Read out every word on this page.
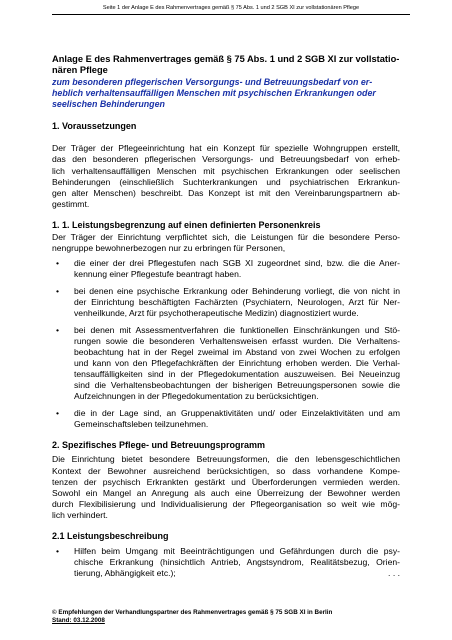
Seite 1 der Anlage E des Rahmenvertrages gemäß § 75 Abs. 1 und 2 SGB XI zur vollstationären Pflege
Anlage E des Rahmenvertrages gemäß § 75 Abs. 1 und 2 SGB XI zur vollstatio-
nären Pflege
zum besonderen pflegerischen Versorgungs- und Betreuungsbedarf von er-
heblich verhaltensauffälligen Menschen mit psychischen Erkrankungen oder
seelischen Behinderungen
1. Voraussetzungen
Der Träger der Pflegeeinrichtung hat ein Konzept für spezielle Wohngruppen erstellt,
das den besonderen pflegerischen Versorgungs- und Betreuungsbedarf von erheb-
lich verhaltensauffälligen Menschen mit psychischen Erkrankungen oder seelischen
Behinderungen (einschließlich Suchterkrankungen und psychiatrischen Erkrankun-
gen alter Menschen) beschreibt. Das Konzept ist mit den Vereinbarungspartnern ab-
gestimmt.
1. 1. Leistungsbegrenzung auf einen definierten Personenkreis
Der Träger der Einrichtung verpflichtet sich, die Leistungen für die besondere Perso-
nengruppe bewohnerbezogen nur zu erbringen für Personen,
• die einer der drei Pflegestufen nach SGB XI zugeordnet sind, bzw. die die Aner-
kennung einer Pflegestufe beantragt haben.
• bei denen eine psychische Erkrankung oder Behinderung vorliegt, die von nicht in
der Einrichtung beschäftigten Fachärzten (Psychiatern, Neurologen, Arzt für Ner-
venheilkunde, Arzt für psychotherapeutische Medizin) diagnostiziert wurde.
• bei denen mit Assessmentverfahren die funktionellen Einschränkungen und Stö-
rungen sowie die besonderen Verhaltensweisen erfasst wurden. Die Verhaltens-
beobachtung hat in der Regel zweimal im Abstand von zwei Wochen zu erfolgen
und kann von den Pflegefachkräften der Einrichtung erhoben werden. Die Verhal-
tensauffälligkeiten sind in der Pflegedokumentation auszuweisen. Bei Neueinzug
sind die Verhaltensbeobachtungen der bisherigen Betreuungspersonen sowie die
Aufzeichnungen in der Pflegedokumentation zu berücksichtigen.
• die in der Lage sind, an Gruppenaktivitäten und/ oder Einzelaktivitäten und am
Gemeinschaftsleben teilzunehmen.
2. Spezifisches Pflege- und Betreuungsprogramm
Die Einrichtung bietet besondere Betreuungsformen, die den lebensgeschichtlichen
Kontext der Bewohner ausreichend berücksichtigen, so dass vorhandene Kompe-
tenzen der psychisch Erkrankten gestärkt und Überforderungen vermieden werden.
Sowohl ein Mangel an Anregung als auch eine Überreizung der Bewohner werden
durch Flexibilisierung und Individualisierung der Pflegeorganisation so weit wie mög-
lich verhindert.
2.1 Leistungsbeschreibung
• Hilfen beim Umgang mit Beeinträchtigungen und Gefährdungen durch die psy-
chische Erkrankung (hinsichtlich Antrieb, Angstsyndrom, Realitätsbezug, Orien-
tierung, Abhängigkeit etc.);	. . .
© Empfehlungen der Verhandlungspartner des Rahmenvertrages gemäß § 75 SGB XI in Berlin
Stand: 03.12.2008
